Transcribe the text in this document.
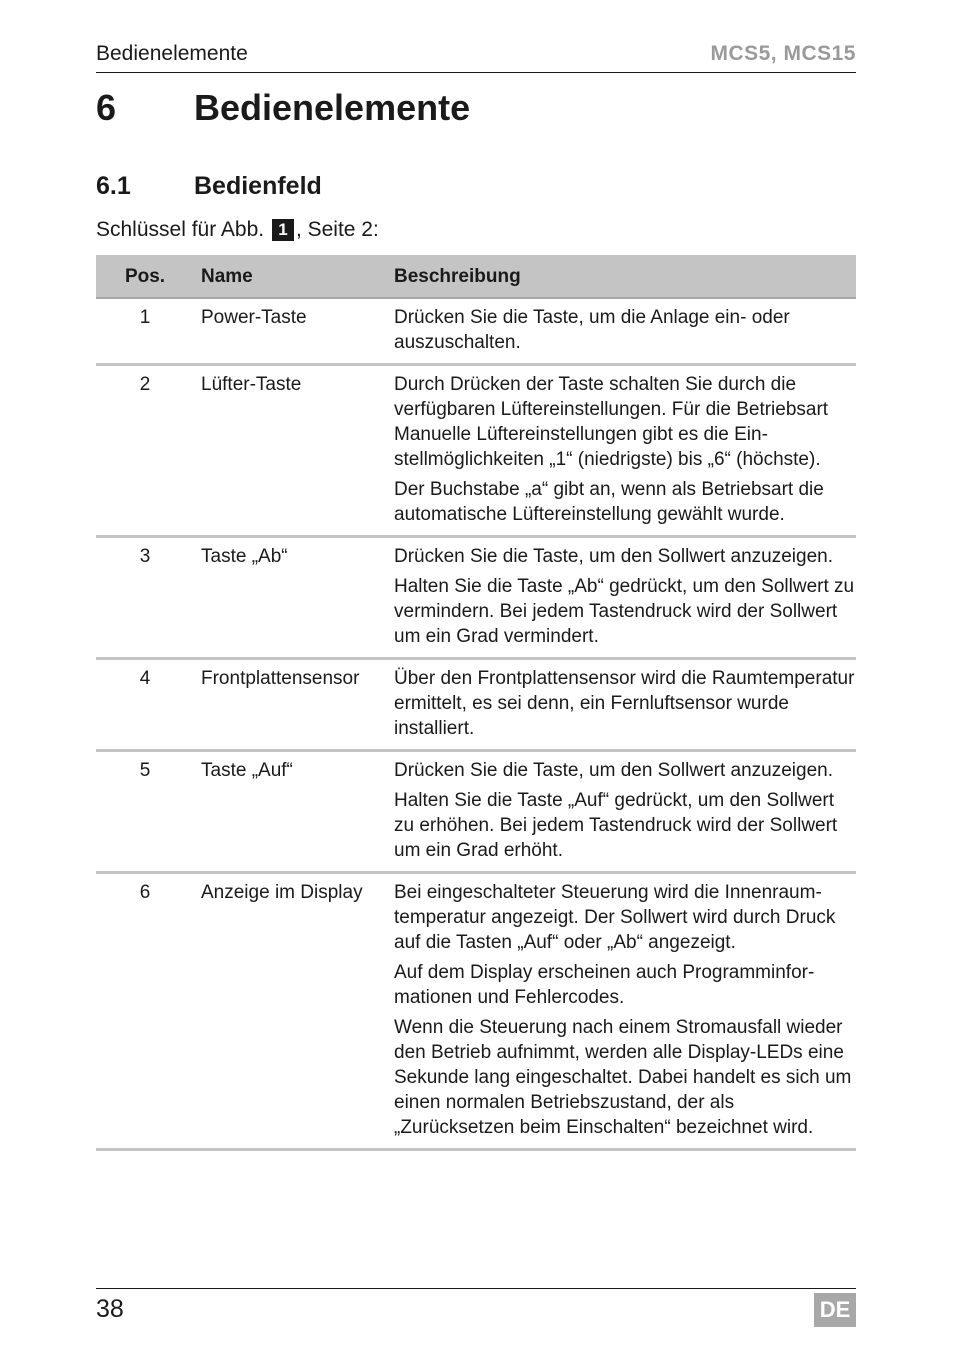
Bedienelemente	MCS5, MCS15
6 Bedienelemente
6.1	Bedienfeld
Schlüssel für Abb. 1 , Seite 2:
Pos.	Name	Beschreibung
1	Power-Taste	Drücken Sie die Taste, um die Anlage ein- oder auszuschalten.

2	Lüfter-Taste	Durch Drücken der Taste schalten Sie durch die verfügbaren Lüftereinstellungen. Für die Betriebsart Manuelle Lüftereinstellungen gibt es die Einstellmöglichkeiten „1“ (niedrigste) bis „6“ (höchste).

Der Buchstabe „a“ gibt an, wenn als Betriebsart die automatische Lüftereinstellung gewählt wurde.

3	Taste „Ab“	Drücken Sie die Taste, um den Sollwert anzuzeigen.

Halten Sie die Taste „Ab“ gedrückt, um den Sollwert zu vermindern. Bei jedem Tastendruck wird der Sollwert um ein Grad vermindert.

4	Frontplattensensor	Über den Frontplattensensor wird die Raumtemperatur ermittelt, es sei denn, ein Fernluftsensor wurde installiert.

5	Taste „Auf“	Drücken Sie die Taste, um den Sollwert anzuzeigen.

Halten Sie die Taste „Auf“ gedrückt, um den Sollwert zu erhöhen. Bei jedem Tastendruck wird der Sollwert um ein Grad erhöht.

6	Anzeige im Display	Bei eingeschalteter Steuerung wird die Innenraumtemperatur angezeigt. Der Sollwert wird durch Druck auf die Tasten „Auf“ oder „Ab“ angezeigt.

Auf dem Display erscheinen auch Programminformationen und Fehlercodes.

Wenn die Steuerung nach einem Stromausfall wieder den Betrieb aufnimmt, werden alle Display-LEDs eine Sekunde lang eingeschaltet. Dabei handelt es sich um einen normalen Betriebszustand, der als „Zurücksetzen beim Einschalten“ bezeichnet wird.

38	DE
